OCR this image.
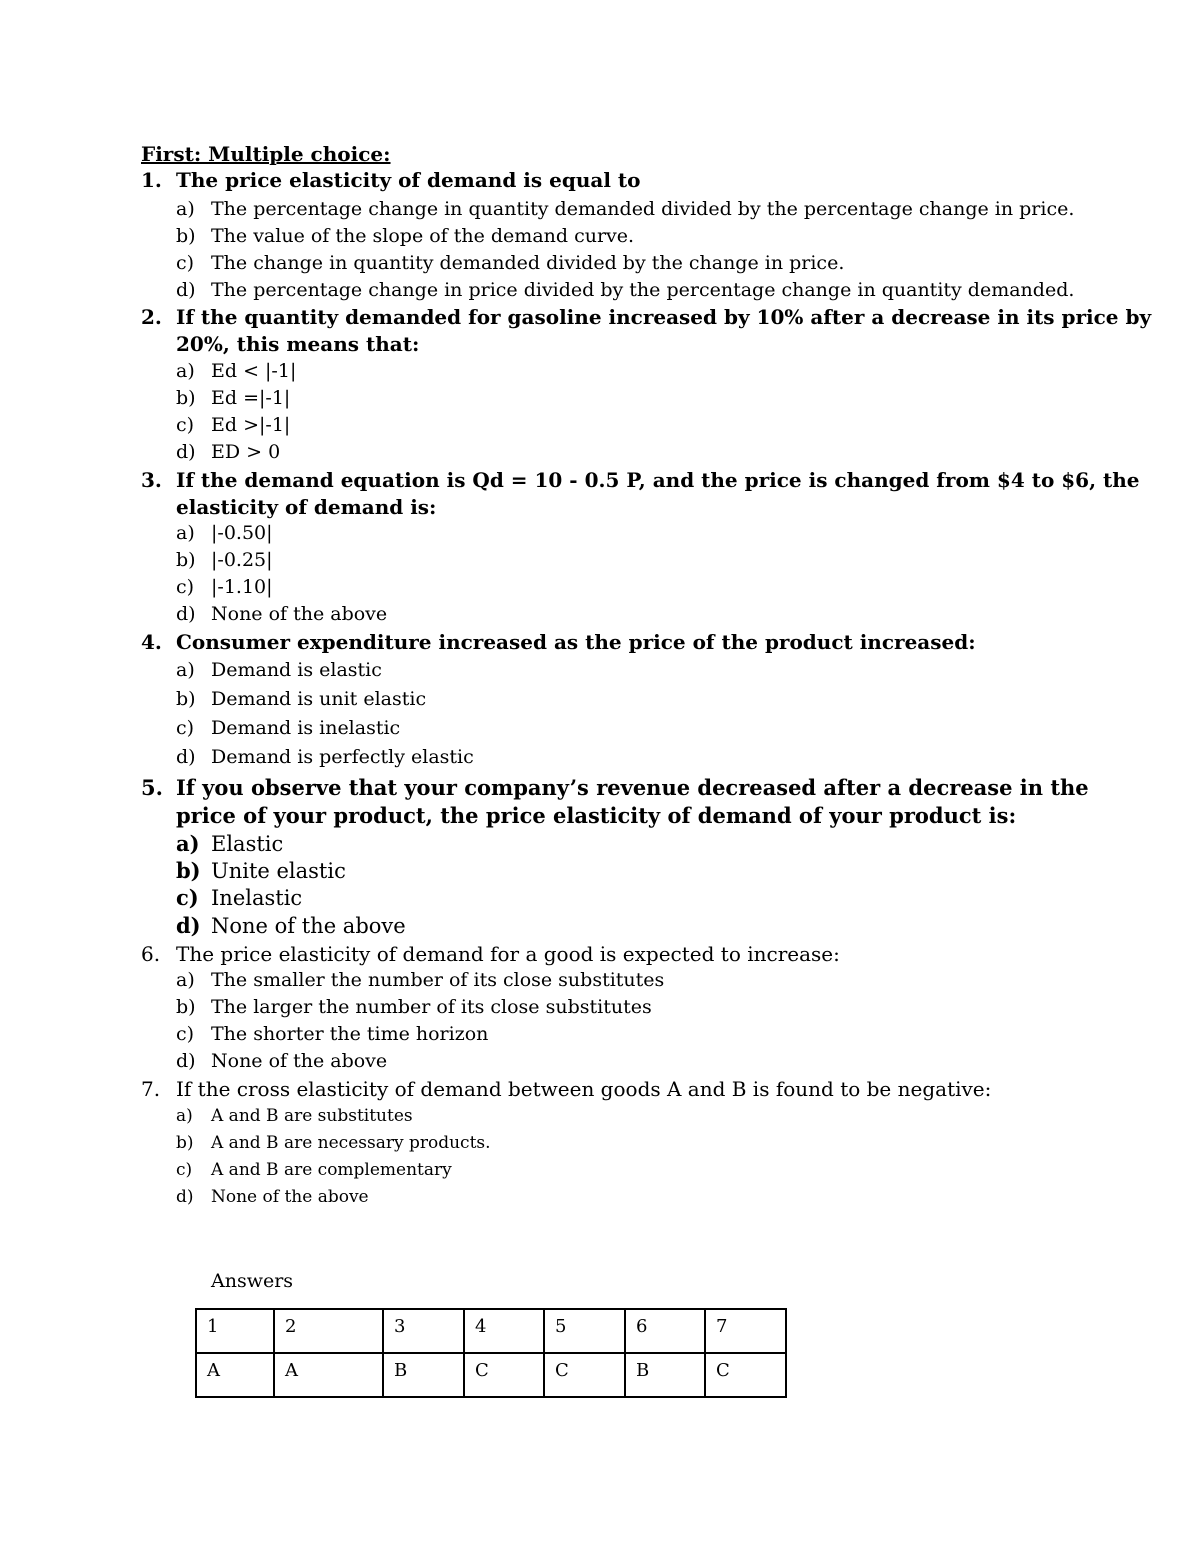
First: Multiple choice:
1. The price elasticity of demand is equal to
a) The percentage change in quantity demanded divided by the percentage change in price.
b) The value of the slope of the demand curve.
c) The change in quantity demanded divided by the change in price.
d) The percentage change in price divided by the percentage change in quantity demanded.
2. If the quantity demanded for gasoline increased by 10% after a decrease in its price by
20%, this means that:
a) Ed < |-1|
b) Ed =|-1|
c) Ed >|-1|
d) ED > 0
3. If the demand equation is Qd = 10 - 0.5 P, and the price is changed from $4 to $6, the
elasticity of demand is:
a) |-0.50|
b) |-0.25|
c) |-1.10|
d) None of the above
4. Consumer expenditure increased as the price of the product increased:
a) Demand is elastic
b) Demand is unit elastic
c) Demand is inelastic
d) Demand is perfectly elastic
5. If you observe that your company’s revenue decreased after a decrease in the
price of your product, the price elasticity of demand of your product is:
a) Elastic
b) Unite elastic
c) Inelastic
d) None of the above
6. The price elasticity of demand for a good is expected to increase:
a) The smaller the number of its close substitutes
b) The larger the number of its close substitutes
c) The shorter the time horizon
d) None of the above
7. If the cross elasticity of demand between goods A and B is found to be negative:
a) A and B are substitutes
b) A and B are necessary products.
c) A and B are complementary
d) None of the above
Answers
1	2	3	4	5	6	7
A	A	B	C	C	B	C
